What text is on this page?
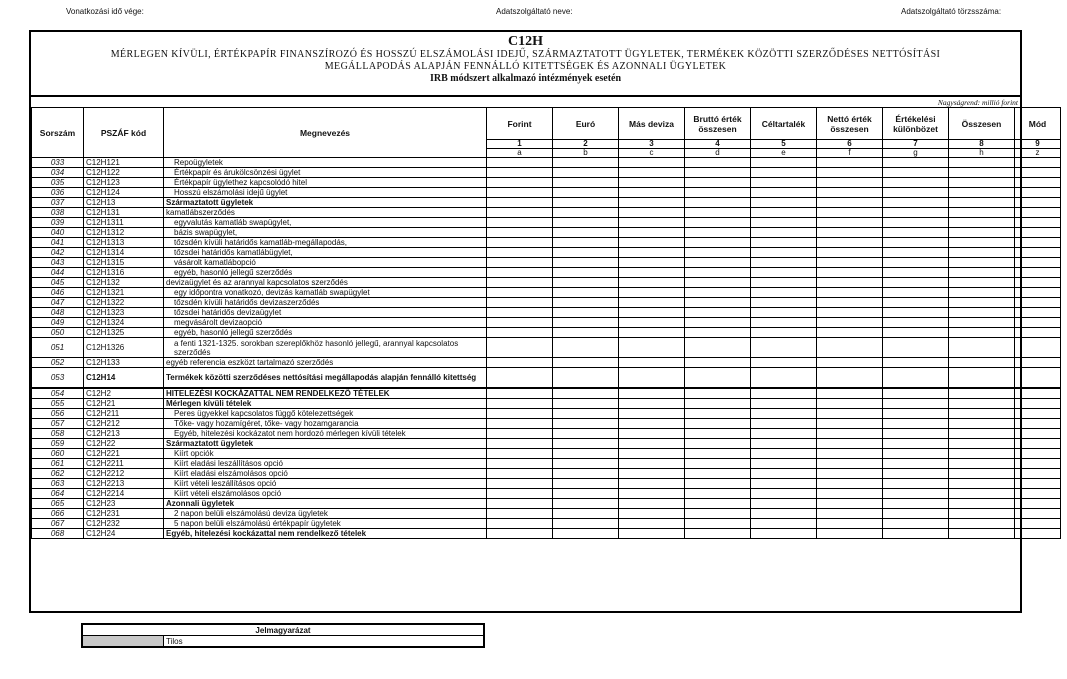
Vonatkozási idő vége:	Adatszolgáltató neve:	Adatszolgáltató törzsszáma:
C12H
MÉRLEGEN KÍVÜLI, ÉRTÉKPAPÍR FINANSZÍROZÓ ÉS HOSSZÚ ELSZÁMOLÁSI IDEJŰ, SZÁRMAZTATOTT ÜGYLETEK, TERMÉKEK KÖZÖTTI SZERZŐDÉSES NETTÓSÍTÁSI
MEGÁLLAPODÁS ALAPJÁN FENNÁLLÓ KITETTSÉGEK ÉS AZONNALI ÜGYLETEK
IRB módszert alkalmazó intézmények esetén
Nagyságrend: millió forint
Sorszám	PSZÁF kód	Megnevezés	Forint	Euró	Más deviza	Bruttó érték összesen	Céltartalék	Nettó érték összesen	Értékelési különbözet	Összesen	Mód
			1	2	3	4	5	6	7	8	9
			a	b	c	d	e	f	g	h	z
033	C12H121	Repoügyletek									
034	C12H122	Értékpapír és árukölcsönzési ügylet									
035	C12H123	Értékpapír ügylethez kapcsolódó hitel									
036	C12H124	Hosszú elszámolási idejű ügylet									
037	C12H13	Származtatott ügyletek									
038	C12H131	kamatlábszerződés									
039	C12H1311	egyvalutás kamatláb swapügylet,									
040	C12H1312	bázis swapügylet,									
041	C12H1313	tőzsdén kívüli határidős kamatláb-megállapodás,									
042	C12H1314	tőzsdei határidős kamatlábügylet,									
043	C12H1315	vásárolt kamatlábopció									
044	C12H1316	egyéb, hasonló jellegű szerződés									
045	C12H132	devizaügylet és az arannyal kapcsolatos szerződés									
046	C12H1321	egy időpontra vonatkozó, devizás kamatláb swapügylet									
047	C12H1322	tőzsdén kívüli határidős devizaszerződés									
048	C12H1323	tőzsdei határidős devizaügylet									
049	C12H1324	megvásárolt devizaopció									
050	C12H1325	egyéb, hasonló jellegű szerződés									
051	C12H1326	a fenti 1321-1325. sorokban szereplőkhöz hasonló jellegű, arannyal kapcsolatos szerződés									
052	C12H133	egyéb referencia eszközt tartalmazó szerződés									
053	C12H14	Termékek közötti szerződéses nettósítási megállapodás alapján fennálló kitettség									
054	C12H2	HITELEZÉSI KOCKÁZATTAL NEM RENDELKEZŐ TÉTELEK									
055	C12H21	Mérlegen kívüli tételek									
056	C12H211	Peres ügyekkel kapcsolatos függő kötelezettségek									
057	C12H212	Tőke- vagy hozamígéret, tőke- vagy hozamgarancia									
058	C12H213	Egyéb, hitelezési kockázatot nem hordozó mérlegen kívüli tételek									
059	C12H22	Származtatott ügyletek									
060	C12H221	Kiírt opciók									
061	C12H2211	Kiírt eladási leszállításos opció									
062	C12H2212	Kiírt eladási elszámolásos opció									
063	C12H2213	Kiírt vételi leszállításos opció									
064	C12H2214	Kiírt vételi elszámolásos opció									
065	C12H23	Azonnali ügyletek									
066	C12H231	2 napon belüli elszámolású deviza ügyletek									
067	C12H232	5 napon belüli elszámolású értékpapír ügyletek									
068	C12H24	Egyéb, hitelezési kockázattal nem rendelkező tételek									
Jelmagyarázat
	Tilos
